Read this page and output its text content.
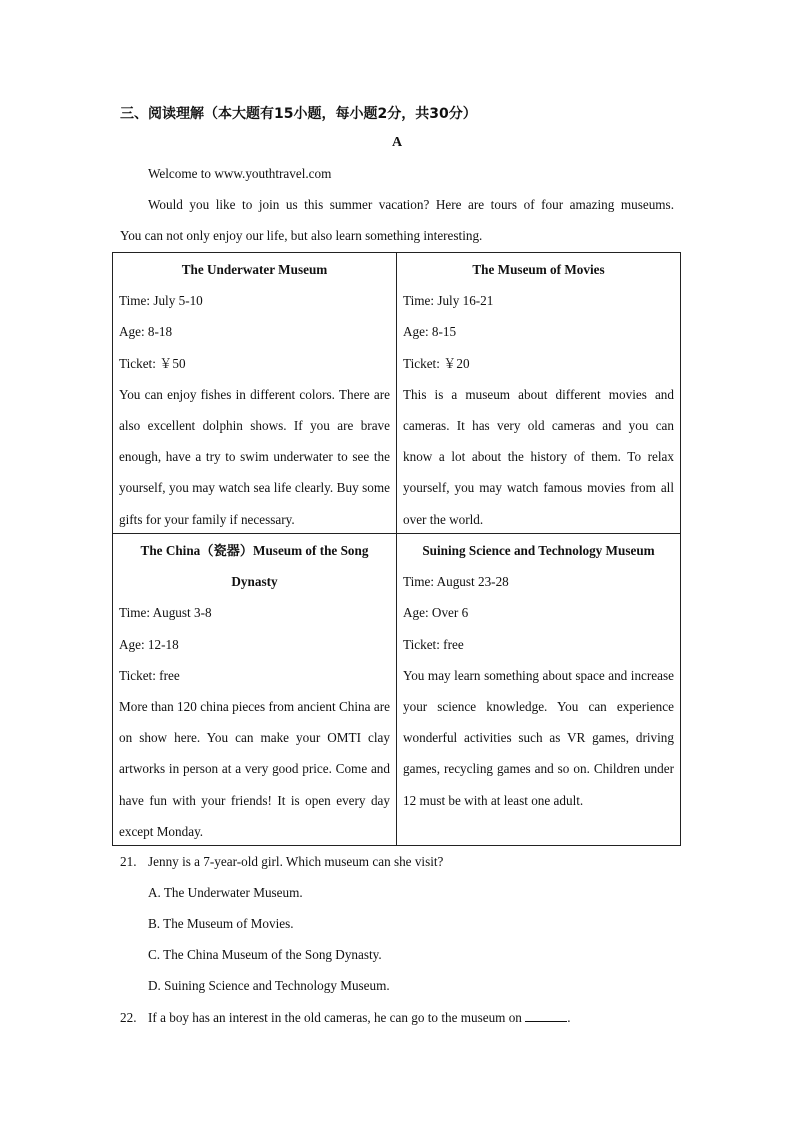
三、阅读理解（本大题有15小题，每小题2分，共30分）
A
Welcome to www.youthtravel.com
Would you like to join us this summer vacation? Here are tours of four amazing museums.
You can not only enjoy our life, but also learn something interesting.
The Underwater Museum
Time: July 5-10
Age: 8-18
Ticket: ￥50
You can enjoy fishes in different colors. There are also excellent dolphin shows. If you are brave enough, have a try to swim underwater to see the yourself, you may watch sea life clearly. Buy some gifts for your family if necessary.
The Museum of Movies
Time: July 16-21
Age: 8-15
Ticket: ￥20
This is a museum about different movies and cameras. It has very old cameras and you can know a lot about the history of them. To relax yourself, you may watch famous movies from all over the world.
The China（瓷器）Museum of the Song Dynasty
Time: August 3-8
Age: 12-18
Ticket: free
More than 120 china pieces from ancient China are on show here. You can make your OMTI clay artworks in person at a very good price. Come and have fun with your friends! It is open every day except Monday.
Suining Science and Technology Museum
Time: August 23-28
Age: Over 6
Ticket: free
You may learn something about space and increase your science knowledge. You can experience wonderful activities such as VR games, driving games, recycling games and so on. Children under 12 must be with at least one adult.
21. Jenny is a 7-year-old girl. Which museum can she visit?
A. The Underwater Museum.
B. The Museum of Movies.
C. The China Museum of the Song Dynasty.
D. Suining Science and Technology Museum.
22. If a boy has an interest in the old cameras, he can go to the museum on	.
